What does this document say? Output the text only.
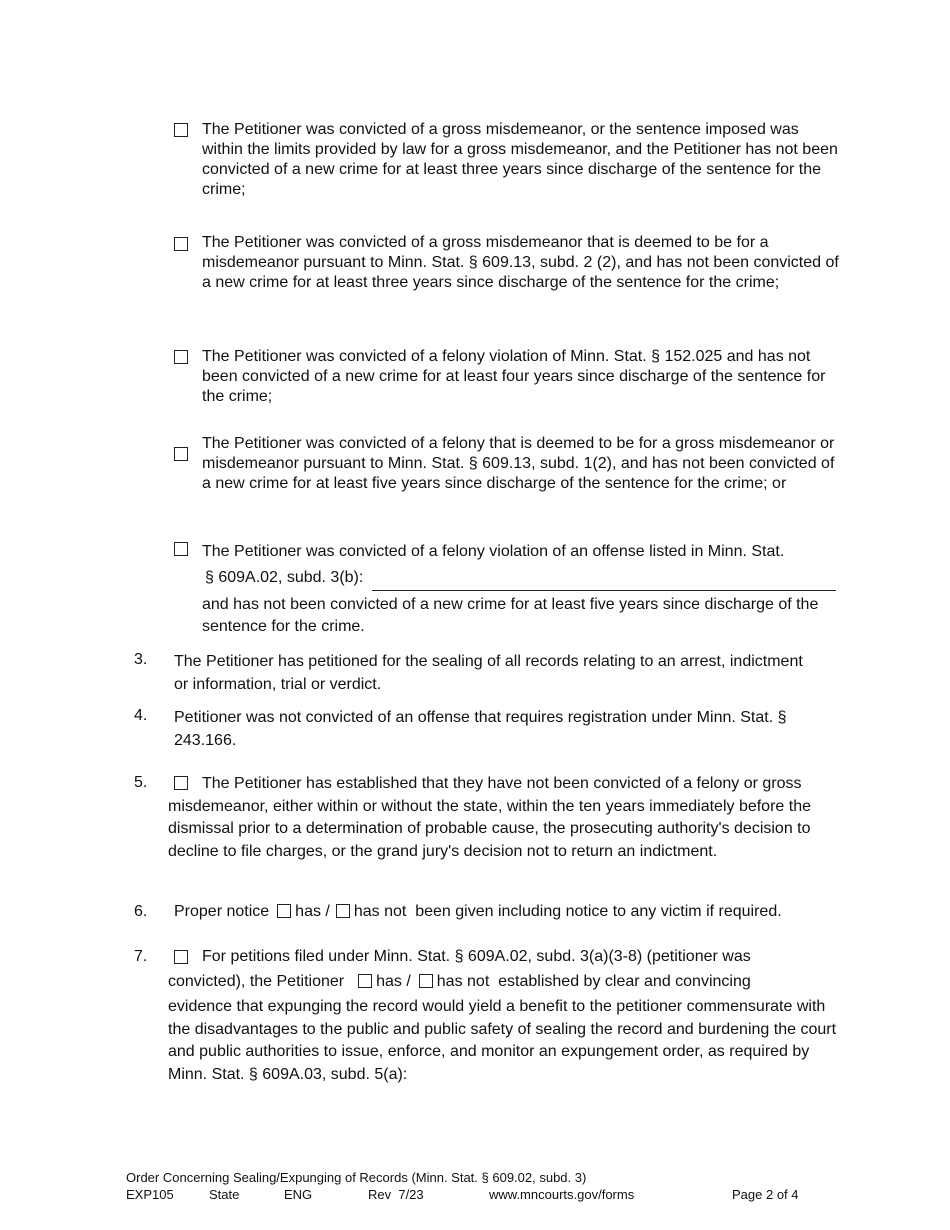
The Petitioner was convicted of a gross misdemeanor, or the sentence imposed was within the limits provided by law for a gross misdemeanor, and the Petitioner has not been convicted of a new crime for at least three years since discharge of the sentence for the crime;
The Petitioner was convicted of a gross misdemeanor that is deemed to be for a misdemeanor pursuant to Minn. Stat. § 609.13, subd. 2 (2), and has not been convicted of a new crime for at least three years since discharge of the sentence for the crime;
The Petitioner was convicted of a felony violation of Minn. Stat. § 152.025 and has not been convicted of a new crime for at least four years since discharge of the sentence for the crime;
The Petitioner was convicted of a felony that is deemed to be for a gross misdemeanor or misdemeanor pursuant to Minn. Stat. § 609.13, subd. 1(2), and has not been convicted of a new crime for at least five years since discharge of the sentence for the crime; or
The Petitioner was convicted of a felony violation of an offense listed in Minn. Stat.
§ 609A.02, subd. 3(b):
and has not been convicted of a new crime for at least five years since discharge of the sentence for the crime.
3. The Petitioner has petitioned for the sealing of all records relating to an arrest, indictment or information, trial or verdict.
4. Petitioner was not convicted of an offense that requires registration under Minn. Stat. § 243.166.
5.	The Petitioner has established that they have not been convicted of a felony or gross misdemeanor, either within or without the state, within the ten years immediately before the dismissal prior to a determination of probable cause, the prosecuting authority's decision to decline to file charges, or the grand jury's decision not to return an indictment.
6. Proper notice has / has not been given including notice to any victim if required.
7.	For petitions filed under Minn. Stat. § 609A.02, subd. 3(a)(3-8) (petitioner was
convicted), the Petitioner has / has not established by clear and convincing
evidence that expunging the record would yield a benefit to the petitioner commensurate with the disadvantages to the public and public safety of sealing the record and burdening the court and public authorities to issue, enforce, and monitor an expungement order, as required by Minn. Stat. § 609A.03, subd. 5(a):
Order Concerning Sealing/Expunging of Records (Minn. Stat. § 609.02, subd. 3)
EXP105	State	ENG	Rev  7/23	www.mncourts.gov/forms	Page 2 of 4
